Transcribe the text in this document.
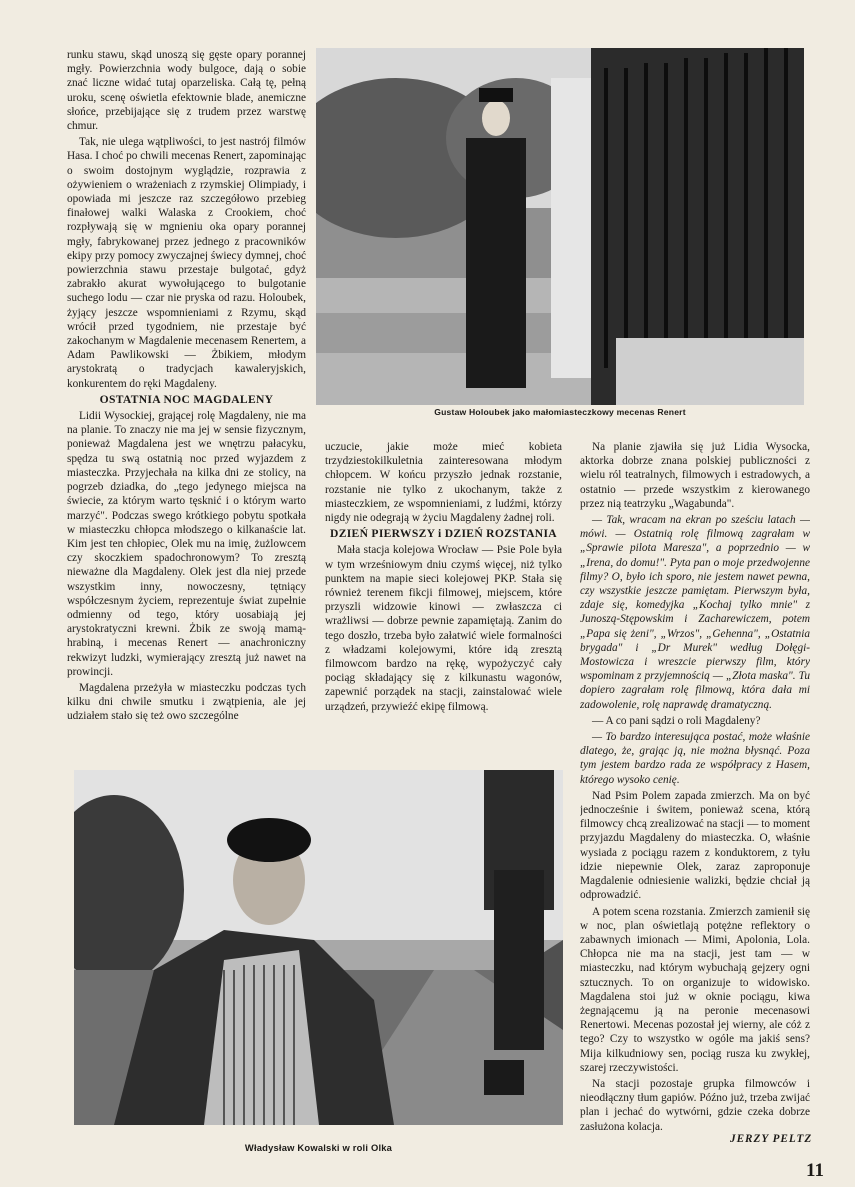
runku stawu, skąd unoszą się gęste opary porannej mgły. Powierzchnia wody bulgoce, dają o sobie znać liczne widać tutaj oparzeliska. Całą tę, pełną uroku, scenę oświetla efektownie blade, anemiczne słońce, przebijające się z trudem przez warstwę chmur.

Tak, nie ulega wątpliwości, to jest nastrój filmów Hasa. I choć po chwili mecenas Renert, zapominając o swoim dostojnym wyglądzie, rozprawia z ożywieniem o wrażeniach z rzymskiej Olimpiady, i opowiada mi jeszcze raz szczegółowo przebieg finałowej walki Walaska z Crookiem, choć rozpływają się w mgnieniu oka opary porannej mgły, fabrykowanej przez jednego z pracowników ekipy przy pomocy zwyczajnej świecy dymnej, choć powierzchnia stawu przestaje bulgotać, gdyż zabrakło akurat wywołującego to bulgotanie suchego lodu — czar nie pryska od razu. Holoubek, żyjący jeszcze wspomnieniami z Rzymu, skąd wrócił przed tygodniem, nie przestaje być zakochanym w Magdalenie mecenasem Renertem, a Adam Pawlikowski — Żbikiem, młodym arystokratą o tradycjach kawaleryjskich, konkurentem do ręki Magdaleny.

OSTATNIA NOC MAGDALENY

Lidii Wysockiej, grającej rolę Magdaleny, nie ma na planie. To znaczy nie ma jej w sensie fizycznym, ponieważ Magdalena jest we wnętrzu pałacyku, spędza tu swą ostatnią noc przed wyjazdem z miasteczka. Przyjechała na kilka dni ze stolicy, na pogrzeb dziadka, do „tego jedynego miejsca na świecie, za którym warto tęsknić i o którym warto marzyć". Podczas swego krótkiego pobytu spotkała w miasteczku chłopca młodszego o kilkanaście lat. Kim jest ten chłopiec, Olek mu na imię, żużlowcem czy skoczkiem spadochronowym? To zresztą nieważne dla Magdaleny. Olek jest dla niej przede wszystkim inny, nowoczesny, tętniący współczesnym życiem, reprezentuje świat zupełnie odmienny od tego, który uosabiają jej arystokratyczni krewni. Żbik ze swoją mamą-hrabiną, i mecenas Renert — anachroniczny rekwizyt ludzki, wymierający zresztą już nawet na prowincji.

Magdalena przeżyła w miasteczku podczas tych kilku dni chwile smutku i zwątpienia, ale jej udziałem stało się też owo szczególne

Gustaw Holoubek jako małomiasteczkowy mecenas Renert

uczucie, jakie może mieć kobieta trzydziestokilkuletnia zainteresowana młodym chłopcem. W końcu przyszło jednak rozstanie, rozstanie nie tylko z ukochanym, także z miasteczkiem, ze wspomnieniami, z ludźmi, którzy nigdy nie odegrają w życiu Magdaleny żadnej roli.

DZIEŃ PIERWSZY i DZIEŃ ROZSTANIA

Mała stacja kolejowa Wrocław — Psie Pole była w tym wrześniowym dniu czymś więcej, niż tylko punktem na mapie sieci kolejowej PKP. Stała się również terenem fikcji filmowej, miejscem, które przyszli widzowie kinowi — zwłaszcza ci wrażliwsi — dobrze pewnie zapamiętają. Zanim do tego doszło, trzeba było załatwić wiele formalności z władzami kolejowymi, które idą zresztą filmowcom bardzo na rękę, wypożyczyć cały pociąg składający się z kilkunastu wagonów, zapewnić porządek na stacji, zainstalować wiele urządzeń, przywieźć ekipę filmową.

Na planie zjawiła się już Lidia Wysocka, aktorka dobrze znana polskiej publiczności z wielu ról teatralnych, filmowych i estradowych, a ostatnio — przede wszystkim z kierowanego przez nią teatrzyku „Wagabunda".

— Tak, wracam na ekran po sześciu latach — mówi. — Ostatnią rolę filmową zagrałam w „Sprawie pilota Maresza", a poprzednio — w „Irena, do domu!". Pyta pan o moje przedwojenne filmy? O, było ich sporo, nie jestem nawet pewna, czy wszystkie jeszcze pamiętam. Pierwszym była, zdaje się, komedyjka „Kochaj tylko mnie" z Junoszą-Stępowskim i Zacharewiczem, potem „Papa się żeni", „Wrzos", „Gehenna", „Ostatnia brygada" i „Dr Murek" według Dołęgi-Mostowicza i wreszcie pierwszy film, który wspominam z przyjemnością — „Złota maska". Tu dopiero zagrałam rolę filmową, która dała mi zadowolenie, rolę naprawdę dramatyczną.

— A co pani sądzi o roli Magdaleny?

— To bardzo interesująca postać, może właśnie dlatego, że, grając ją, nie można błysnąć. Poza tym jestem bardzo rada ze współpracy z Hasem, którego wysoko cenię.

Nad Psim Polem zapada zmierzch. Ma on być jednocześnie i świtem, ponieważ scena, którą filmowcy chcą zrealizować na stacji — to moment przyjazdu Magdaleny do miasteczka. O, właśnie wysiada z pociągu razem z konduktorem, z tyłu idzie niepewnie Olek, zaraz zaproponuje Magdalenie odniesienie walizki, będzie chciał ją odprowadzić.

A potem scena rozstania. Zmierzch zamienił się w noc, plan oświetlają potężne reflektory o zabawnych imionach — Mimi, Apolonia, Lola. Chłopca nie ma na stacji, jest tam — w miasteczku, nad którym wybuchają gejzery ogni sztucznych. To on organizuje to widowisko. Magdalena stoi już w oknie pociągu, kiwa żegnającemu ją na peronie mecenasowi Renertowi. Mecenas pozostał jej wierny, ale cóż z tego? Czy to wszystko w ogóle ma jakiś sens? Mija kilkudniowy sen, pociąg rusza ku zwykłej, szarej rzeczywistości.

Na stacji pozostaje grupka filmowców i nieodłączny tłum gapiów. Późno już, trzeba zwijać plan i jechać do wytwórni, gdzie czeka dobrze zasłużona kolacja.

JERZY PELTZ
Władysław Kowalski w roli Olka
11
